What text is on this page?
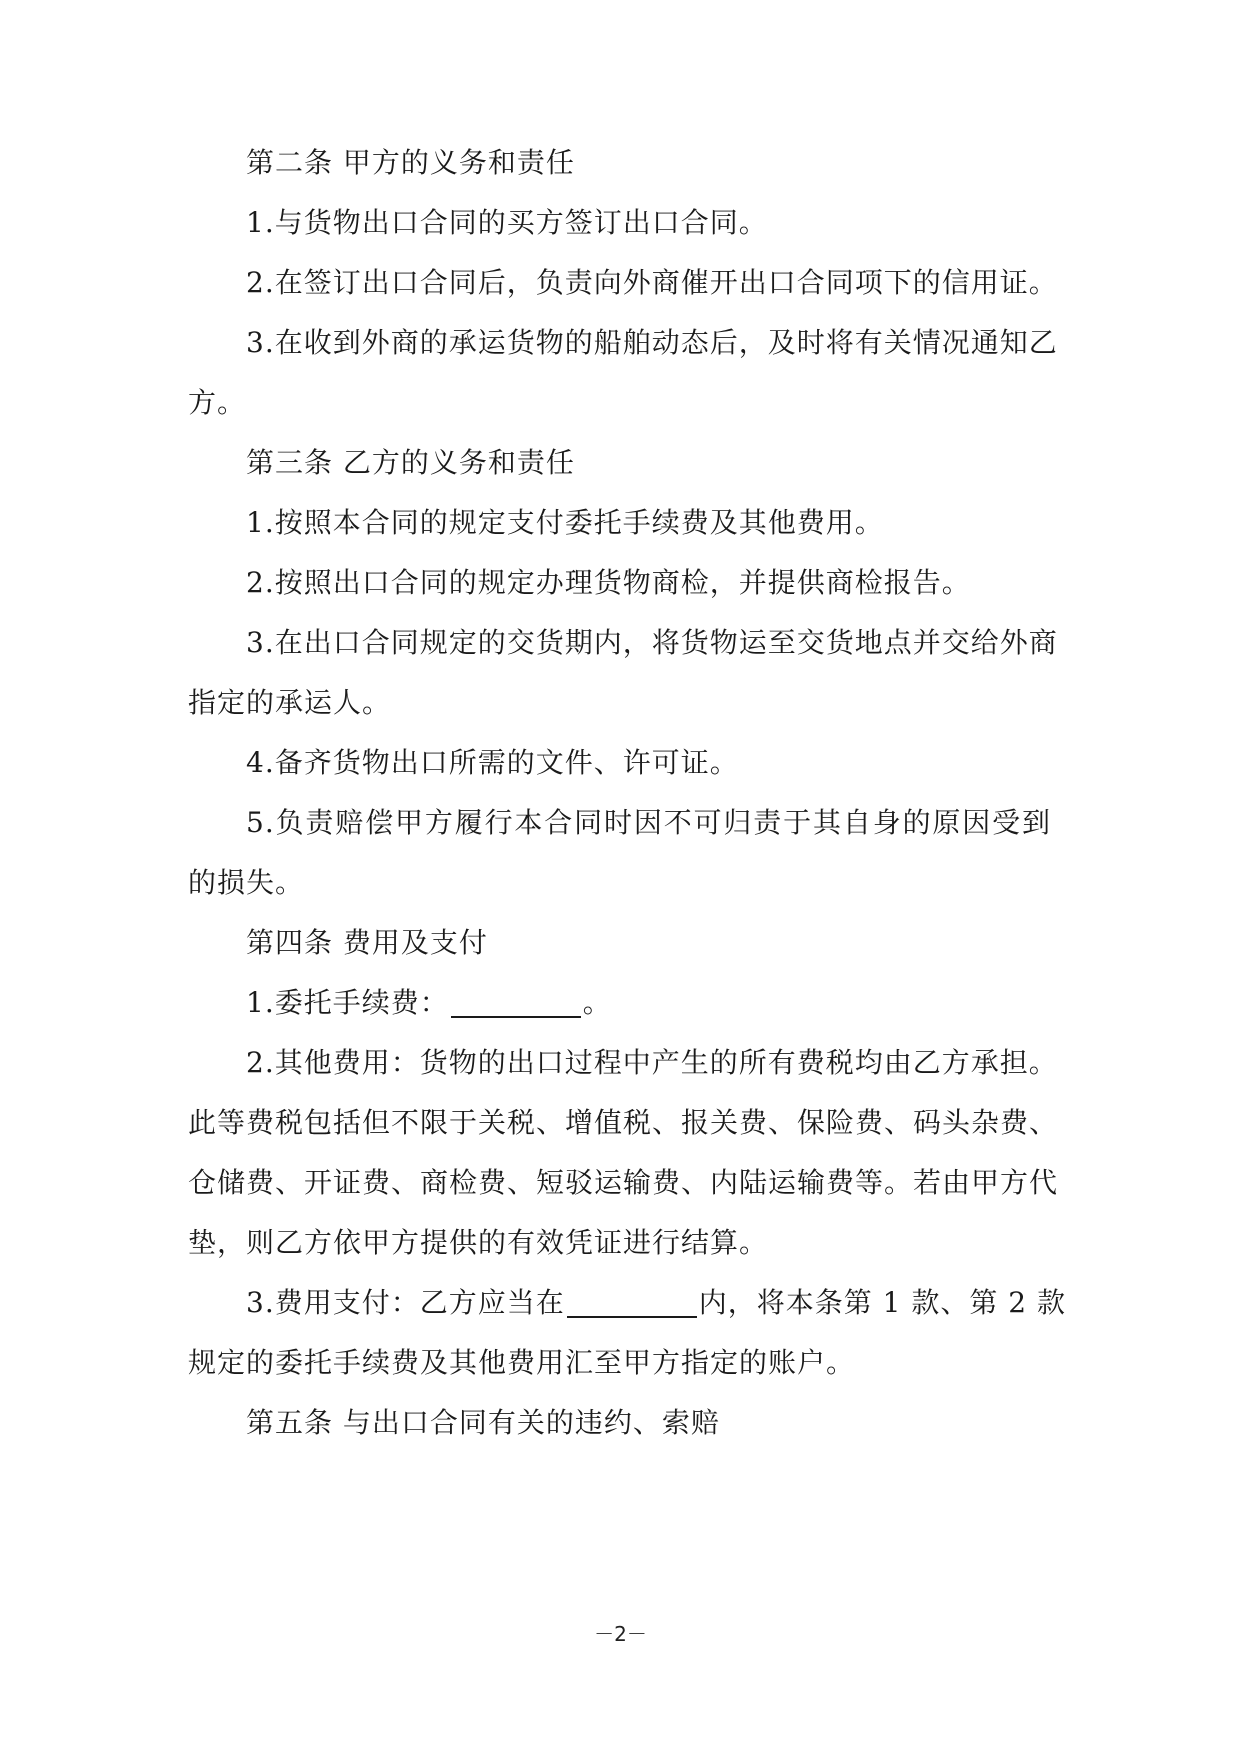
第二条 甲方的义务和责任
1.与货物出口合同的买方签订出口合同。
2.在签订出口合同后，负责向外商催开出口合同项下的信用证。
3.在收到外商的承运货物的船舶动态后，及时将有关情况通知乙
方。
第三条 乙方的义务和责任
1.按照本合同的规定支付委托手续费及其他费用。
2.按照出口合同的规定办理货物商检，并提供商检报告。
3.在出口合同规定的交货期内，将货物运至交货地点并交给外商
指定的承运人。
4.备齐货物出口所需的文件、许可证。
5.负责赔偿甲方履行本合同时因不可归责于其自身的原因受到
的损失。
第四条 费用及支付
1.委托手续费：	。
2.其他费用：货物的出口过程中产生的所有费税均由乙方承担。
此等费税包括但不限于关税、增值税、报关费、保险费、码头杂费、
仓储费、开证费、商检费、短驳运输费、内陆运输费等。若由甲方代
垫，则乙方依甲方提供的有效凭证进行结算。
3.费用支付：乙方应当在	内，将本条第 1 款、第 2 款
规定的委托手续费及其他费用汇至甲方指定的账户。
第五条 与出口合同有关的违约、索赔
－2－
